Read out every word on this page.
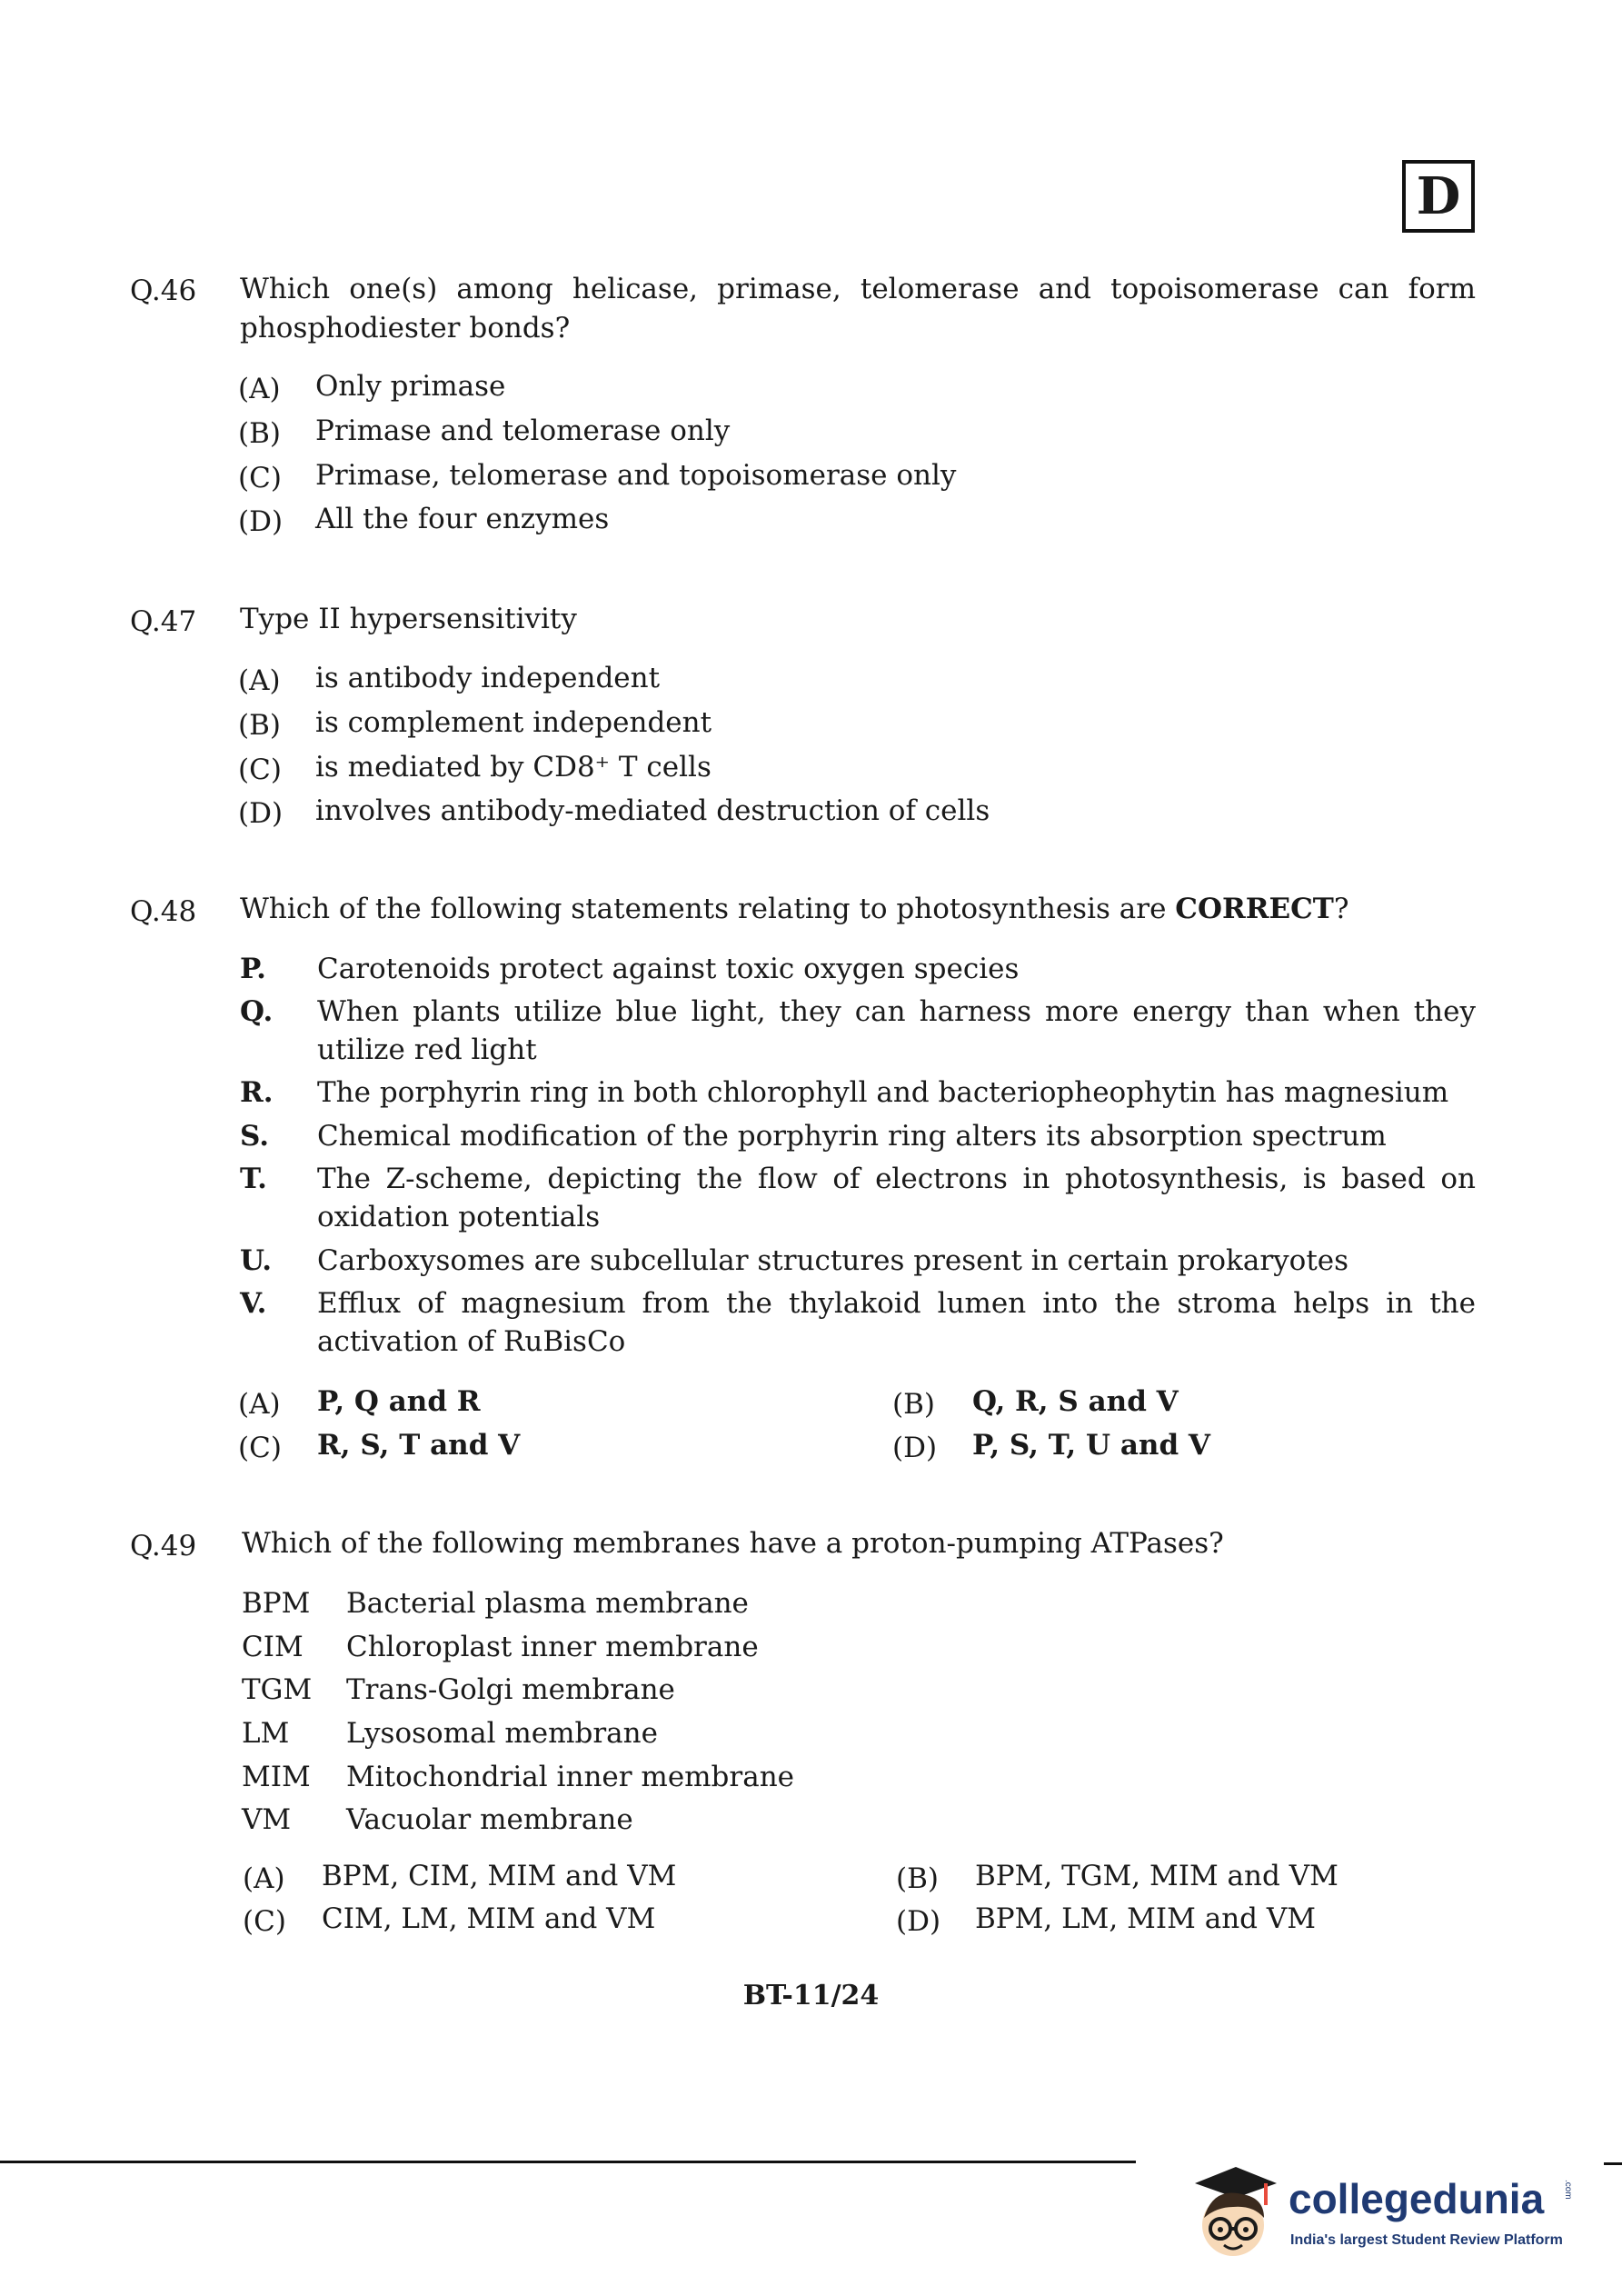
D
Q.46 Which one(s) among helicase, primase, telomerase and topoisomerase can form
phosphodiester bonds?
(A) Only primase
(B) Primase and telomerase only
(C) Primase, telomerase and topoisomerase only
(D) All the four enzymes
Q.47 Type II hypersensitivity
(A) is antibody independent
(B) is complement independent
(C) is mediated by CD8⁺ T cells
(D) involves antibody-mediated destruction of cells
Q.48 Which of the following statements relating to photosynthesis are CORRECT?
P. Carotenoids protect against toxic oxygen species
Q. When plants utilize blue light, they can harness more energy than when they
utilize red light
R. The porphyrin ring in both chlorophyll and bacteriopheophytin has magnesium
S. Chemical modification of the porphyrin ring alters its absorption spectrum
T. The Z-scheme, depicting the flow of electrons in photosynthesis, is based on
oxidation potentials
U. Carboxysomes are subcellular structures present in certain prokaryotes
V. Efflux of magnesium from the thylakoid lumen into the stroma helps in the
activation of RuBisCo
(A) P, Q and R	(B) Q, R, S and V
(C) R, S, T and V	(D) P, S, T, U and V
Q.49 Which of the following membranes have a proton-pumping ATPases?
BPM Bacterial plasma membrane
CIM Chloroplast inner membrane
TGM Trans-Golgi membrane
LM Lysosomal membrane
MIM Mitochondrial inner membrane
VM Vacuolar membrane
(A) BPM, CIM, MIM and VM	(B) BPM, TGM, MIM and VM
(C) CIM, LM, MIM and VM	(D) BPM, LM, MIM and VM
BT-11/24
collegedunia .com
India's largest Student Review Platform
